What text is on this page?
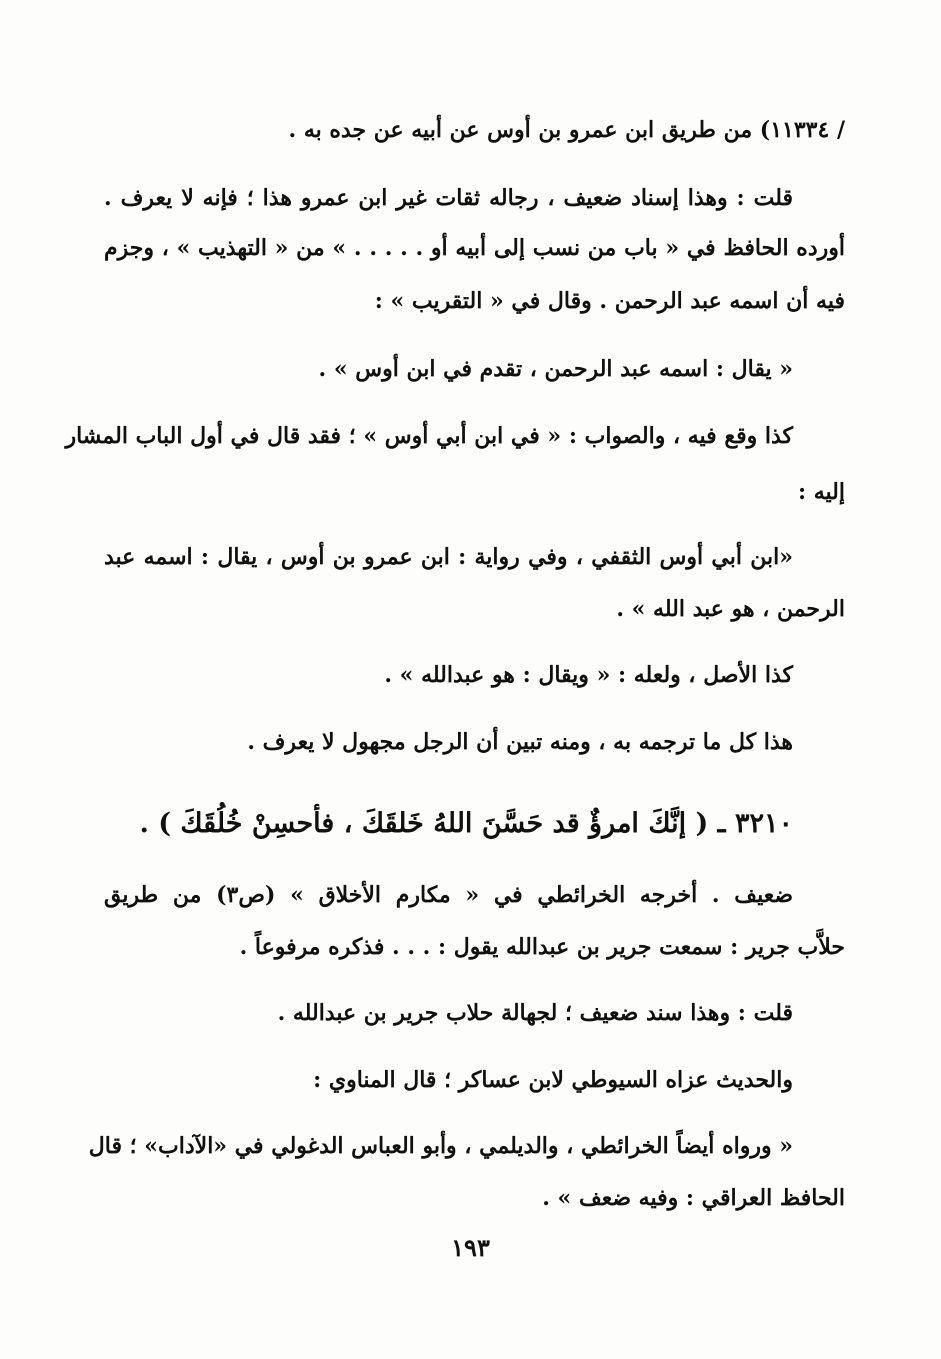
/ ١١٣٣٤) من طريق ابن عمرو بن أوس عن أبيه عن جده به .
قلت : وهذا إسناد ضعيف ، رجاله ثقات غير ابن عمرو هذا ؛ فإنه لا يعرف .
أورده الحافظ في « باب من نسب إلى أبيه أو . . . . . » من « التهذيب » ، وجزم
فيه أن اسمه عبد الرحمن . وقال في « التقريب » :
« يقال : اسمه عبد الرحمن ، تقدم في ابن أوس » .
كذا وقع فيه ، والصواب : « في ابن أبي أوس » ؛ فقد قال في أول الباب المشار
إليه :
«ابن أبي أوس الثقفي ، وفي رواية : ابن عمرو بن أوس ، يقال : اسمه عبد
الرحمن ، هو عبد الله » .
كذا الأصل ، ولعله : « ويقال : هو عبدالله » .
هذا كل ما ترجمه به ، ومنه تبين أن الرجل مجهول لا يعرف .
٣٢١٠ ـ ( إنَّكَ امرؤٌ قد حَسَّنَ اللهُ خَلقَكَ ، فأحسِنْ خُلُقَكَ ) .
ضعيف . أخرجه الخرائطي في « مكارم الأخلاق » (ص٣) من طريق
حلاَّب جرير : سمعت جرير بن عبدالله يقول : . . . فذكره مرفوعاً .
قلت : وهذا سند ضعيف ؛ لجهالة حلاب جرير بن عبدالله .
والحديث عزاه السيوطي لابن عساكر ؛ قال المناوي :
« ورواه أيضاً الخرائطي ، والديلمي ، وأبو العباس الدغولي في «الآداب» ؛ قال
الحافظ العراقي : وفيه ضعف » .
١٩٣
